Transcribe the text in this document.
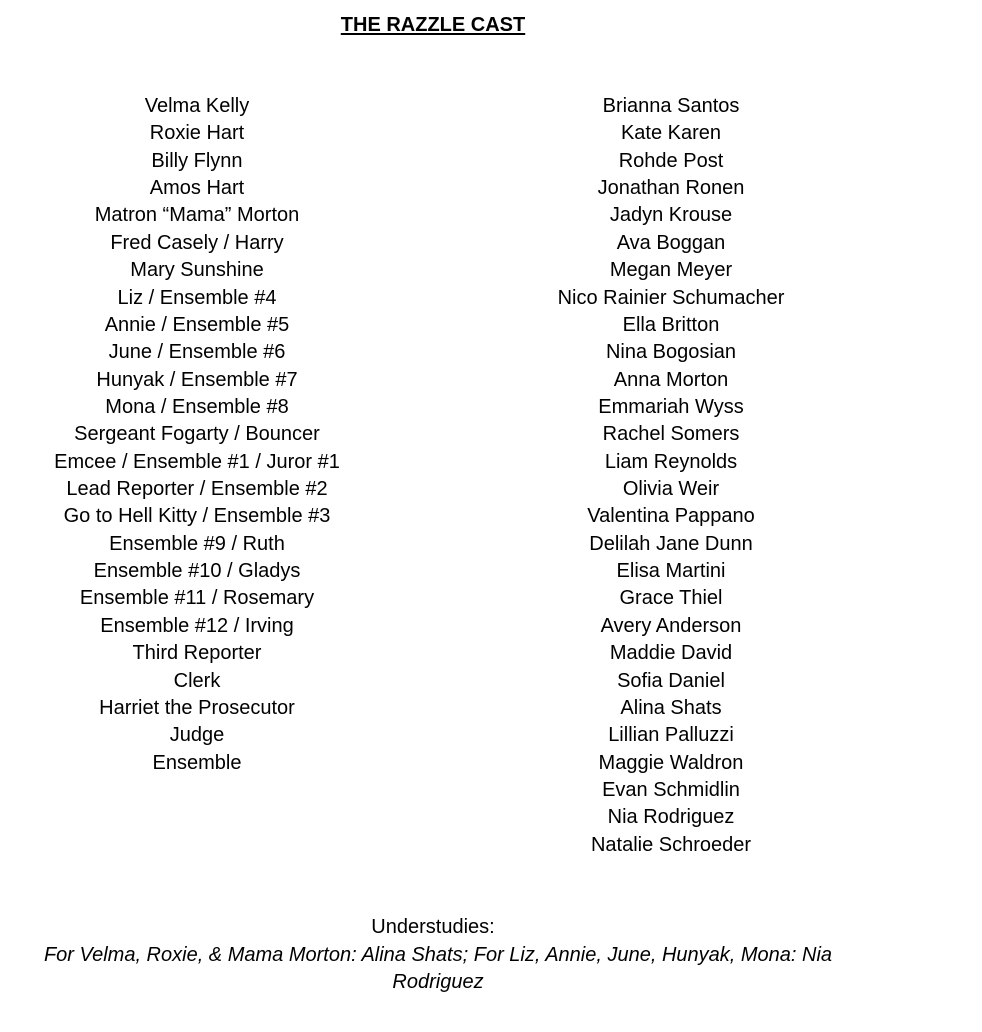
THE RAZZLE CAST
Velma Kelly
Roxie Hart
Billy Flynn
Amos Hart
Matron “Mama” Morton
Fred Casely / Harry
Mary Sunshine
Liz / Ensemble #4
Annie / Ensemble #5
June / Ensemble #6
Hunyak / Ensemble #7
Mona / Ensemble #8
Sergeant Fogarty / Bouncer
Emcee / Ensemble #1 / Juror #1
Lead Reporter / Ensemble #2
Go to Hell Kitty / Ensemble #3
Ensemble #9 / Ruth
Ensemble #10 / Gladys
Ensemble #11 / Rosemary
Ensemble #12 / Irving
Third Reporter
Clerk
Harriet the Prosecutor
Judge
Ensemble
Brianna Santos
Kate Karen
Rohde Post
Jonathan Ronen
Jadyn Krouse
Ava Boggan
Megan Meyer
Nico Rainier Schumacher
Ella Britton
Nina Bogosian
Anna Morton
Emmariah Wyss
Rachel Somers
Liam Reynolds
Olivia Weir
Valentina Pappano
Delilah Jane Dunn
Elisa Martini
Grace Thiel
Avery Anderson
Maddie David
Sofia Daniel
Alina Shats
Lillian Palluzzi
Maggie Waldron
Evan Schmidlin
Nia Rodriguez
Natalie Schroeder
Understudies:
For Velma, Roxie, & Mama Morton: Alina Shats; For Liz, Annie, June, Hunyak, Mona: Nia Rodriguez
